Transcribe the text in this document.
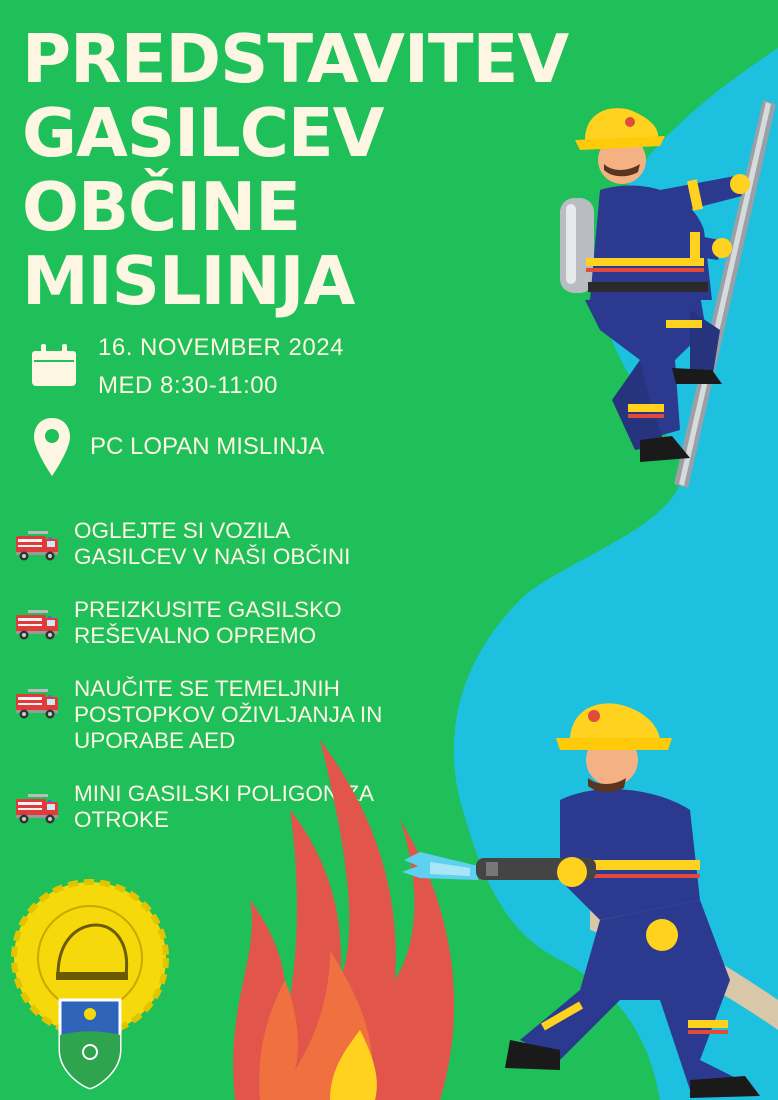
PREDSTAVITEV
GASILCEV
OBČINE
MISLINJA
16. NOVEMBER 2024
MED 8:30-11:00
PC LOPAN MISLINJA
OGLEJTE SI VOZILA
GASILCEV V NAŠI OBČINI
PREIZKUSITE GASILSKO
REŠEVALNO OPREMO
NAUČITE SE TEMELJNIH
POSTOPKOV OŽIVLJANJA IN
UPORABE AED
MINI GASILSKI POLIGON ZA
OTROKE
